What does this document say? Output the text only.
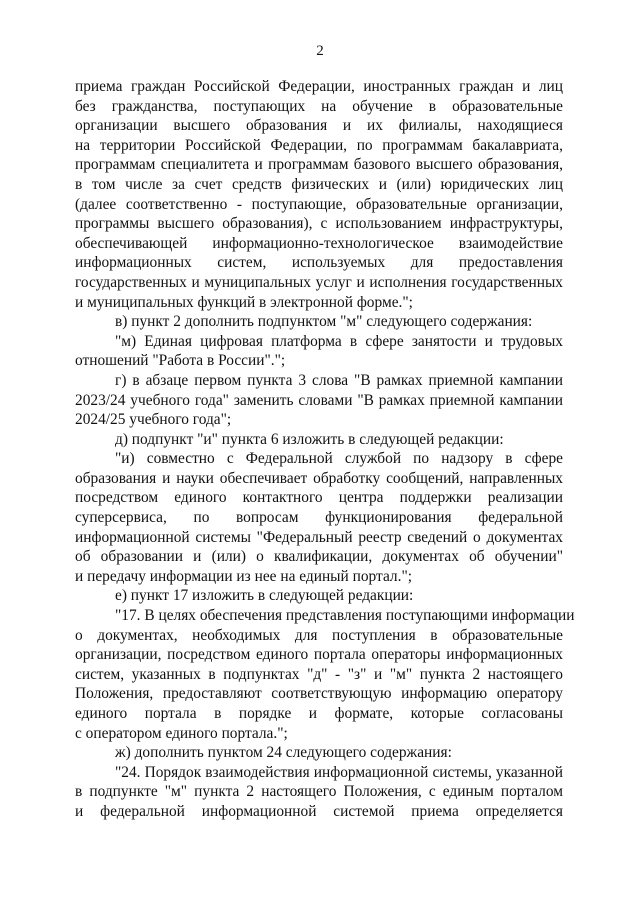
2
приема граждан Российской Федерации, иностранных граждан и лиц
без гражданства, поступающих на обучение в образовательные
организации высшего образования и их филиалы, находящиеся
на территории Российской Федерации, по программам бакалавриата,
программам специалитета и программам базового высшего образования,
в том числе за счет средств физических и (или) юридических лиц
(далее соответственно - поступающие, образовательные организации,
программы высшего образования), с использованием инфраструктуры,
обеспечивающей информационно-технологическое взаимодействие
информационных систем, используемых для предоставления
государственных и муниципальных услуг и исполнения государственных
и муниципальных функций в электронной форме.";
в) пункт 2 дополнить подпунктом "м" следующего содержания:
"м) Единая цифровая платформа в сфере занятости и трудовых
отношений "Работа в России".";
г) в абзаце первом пункта 3 слова "В рамках приемной кампании
2023/24 учебного года" заменить словами "В рамках приемной кампании
2024/25 учебного года";
д) подпункт "и" пункта 6 изложить в следующей редакции:
"и) совместно с Федеральной службой по надзору в сфере
образования и науки обеспечивает обработку сообщений, направленных
посредством единого контактного центра поддержки реализации
суперсервиса, по вопросам функционирования федеральной
информационной системы "Федеральный реестр сведений о документах
об образовании и (или) о квалификации, документах об обучении"
и передачу информации из нее на единый портал.";
е) пункт 17 изложить в следующей редакции:
"17. В целях обеспечения представления поступающими информации
о документах, необходимых для поступления в образовательные
организации, посредством единого портала операторы информационных
систем, указанных в подпунктах "д" - "з" и "м" пункта 2 настоящего
Положения, предоставляют соответствующую информацию оператору
единого портала в порядке и формате, которые согласованы
с оператором единого портала.";
ж) дополнить пунктом 24 следующего содержания:
"24. Порядок взаимодействия информационной системы, указанной
в подпункте "м" пункта 2 настоящего Положения, с единым порталом
и федеральной информационной системой приема определяется
